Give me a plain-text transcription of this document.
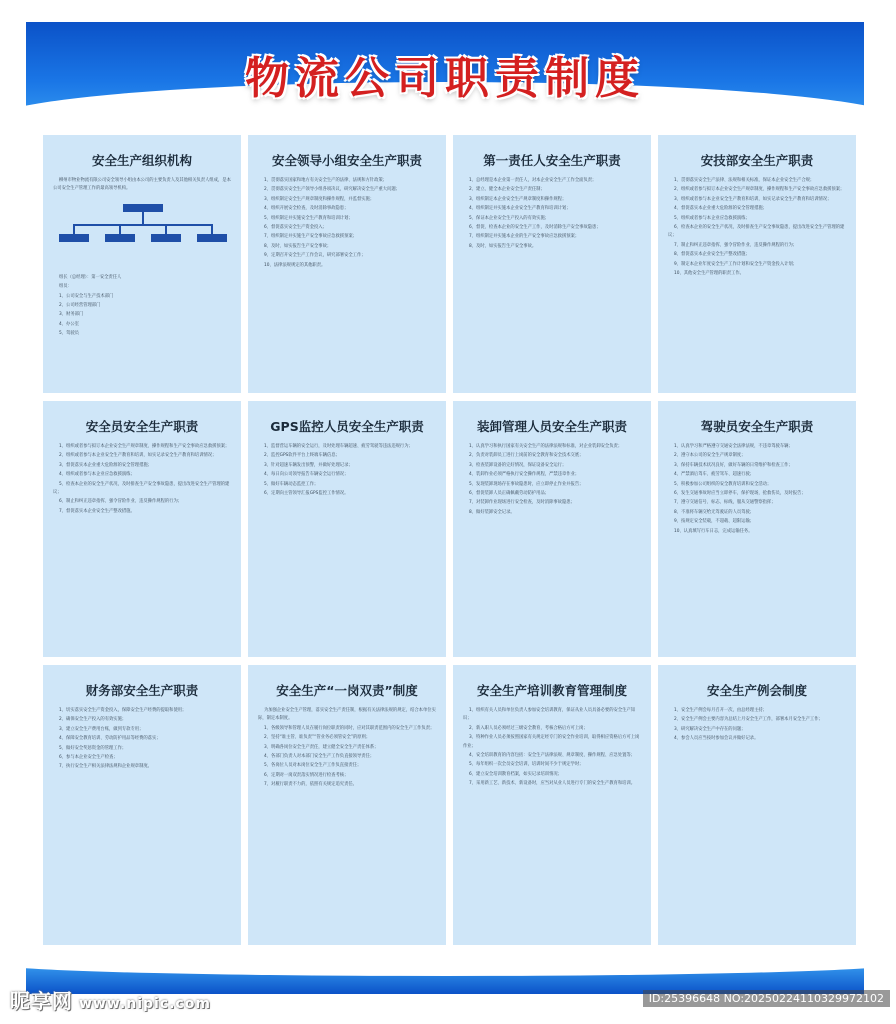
物流公司职责制度
安全生产组织机构

柳州市物业物流有限公司安全领导小组由本公司的主要负责人及其他相关负责人组成，是本公司安全生产管理工作的最高领导机构。

组长（总经理）：第一安全责任人

组员：

1、公司安全与生产技术部门

2、公司经营管理部门

3、财务部门

4、办公室

5、驾驶员

安全领导小组安全生产职责

1、贯彻落实国家和地方有关安全生产的法律、法规和方针政策；

2、贯彻落实安全生产领导小组各项决议，研究解决安全生产重大问题；

3、组织制定安全生产规章制度和操作规程，并监督实施；

4、组织开展安全检查，及时消除事故隐患；

5、组织制定并实施安全生产教育和培训计划；

6、督促落实安全生产资金投入；

7、组织制定并实施生产安全事故应急救援预案；

8、及时、如实报告生产安全事故；

9、定期召开安全生产工作会议，研究部署安全工作；

10、法律法规规定的其他职责。

第一责任人安全生产职责

1、总经理是本企业第一责任人，对本企业安全生产工作全面负责；

2、建立、健全本企业安全生产责任制；

3、组织制定本企业安全生产规章制度和操作规程；

4、组织制定并实施本企业安全生产教育和培训计划；

5、保证本企业安全生产投入的有效实施；

6、督促、检查本企业的安全生产工作，及时消除生产安全事故隐患；

7、组织制定并实施本企业的生产安全事故应急救援预案；

8、及时、如实报告生产安全事故。

安技部安全生产职责

1、贯彻落实安全生产法律、法规和相关标准，保证本企业安全生产合规；

2、组织或者参与拟订本企业安全生产规章制度、操作规程和生产安全事故应急救援预案；

3、组织或者参与本企业安全生产教育和培训，如实记录安全生产教育和培训情况；

4、督促落实本企业重大危险源的安全管理措施；

5、组织或者参与本企业应急救援演练；

6、检查本企业的安全生产状况，及时排查生产安全事故隐患，提出改进安全生产管理的建议；

7、制止和纠正违章指挥、强令冒险作业、违反操作规程的行为；

8、督促落实本企业安全生产整改措施；

9、制定本企业年度安全生产工作计划和安全生产资金投入计划；

10、其他安全生产管理的职责工作。

安全员安全生产职责

1、组织或者参与拟订本企业安全生产规章制度、操作规程和生产安全事故应急救援预案；

2、组织或者参与本企业安全生产教育和培训，如实记录安全生产教育和培训情况；

3、督促落实本企业重大危险源的安全管理措施；

4、组织或者参与本企业应急救援演练；

5、检查本企业的安全生产状况，及时排查生产安全事故隐患，提出改进安全生产管理的建议；

6、制止和纠正违章指挥、强令冒险作业、违反操作规程的行为；

7、督促落实本企业安全生产整改措施。

GPS监控人员安全生产职责

1、监督营运车辆的安全运行，及时处理车辆超速、疲劳驾驶等违法违规行为；

2、监控GPS软件平台上终端车辆信息；

3、针对超速车辆发出预警，并做好处理记录；

4、每日向公司领导报告车辆安全运行情况；

5、做好车辆动态监控工作；

6、定期向主管领导汇报GPS监控工作情况。

装卸管理人员安全生产职责

1、认真学习和执行国家有关安全生产的法律法规和标准，对企业装卸安全负责；

2、负责对装卸员工进行上岗前的安全教育和安全技术交底；

3、检查装卸设备的完好情况，保证设备安全运行；

4、装卸作业必须严格执行安全操作规程，严禁违章作业；

5、发现装卸现场存在事故隐患时，应立即停止作业并报告；

6、督促装卸人员正确佩戴劳动防护用品；

7、对装卸作业现场进行安全检查，及时消除事故隐患；

8、做好装卸安全记录。

驾驶员安全生产职责

1、认真学习和严格遵守交通安全法律法规，不违章驾驶车辆；

2、遵守本公司的安全生产规章制度；

3、保持车辆技术状况良好，做好车辆的日常维护和检查工作；

4、严禁酒后驾车、疲劳驾车、超速行驶；

5、积极参加公司组织的安全教育培训和安全活动；

6、发生交通事故时应当立即停车，保护现场，抢救伤员，及时报告；

7、遵守交通信号、标志、标线，服从交通警察指挥；

8、不准将车辆交给无驾驶证的人员驾驶；

9、按规定安全装载，不超载、超限运输；

10、认真填写行车日志，完成运输任务。

财务部安全生产职责

1、切实落实安全生产资金投入，保障安全生产经费的提取和使用；

2、确保安全生产投入的有效实施；

3、建立安全生产费用台账，做到专款专用；

4、保障安全教育培训、劳动防护用品等经费的落实；

5、做好安全奖惩资金的管理工作；

6、参与本企业安全生产检查；

7、执行安全生产相关法律法规和企业规章制度。

安全生产“一岗双责”制度

为加强企业安全生产管理，落实安全生产责任制，根据有关法律法规的规定，结合本单位实际，制定本制度。

1、各级领导和管理人员在履行岗位职责的同时，应对其职责范围内的安全生产工作负责；

2、坚持“谁主管、谁负责”“管业务必须管安全”的原则；

3、明确各岗位安全生产责任，建立健全安全生产责任体系；

4、各部门负责人对本部门安全生产工作负直接领导责任；

5、各岗位人员对本岗位安全生产工作负直接责任；

6、定期对一岗双责落实情况进行检查考核；

7、对履行职责不力的，依照有关规定追究责任。

安全生产培训教育管理制度

1、组织有关人员和单位负责人参加安全培训教育，保证从业人员具备必要的安全生产知识；

2、新入职人员必须经过三级安全教育，考核合格后方可上岗；

3、特种作业人员必须按照国家有关规定经专门的安全作业培训，取得相应资格后方可上岗作业；

4、安全培训教育的内容包括：安全生产法律法规、规章制度、操作规程、应急处置等；

5、每年组织一次全员安全培训，培训时间不少于规定学时；

6、建立安全培训教育档案，如实记录培训情况；

7、采用新工艺、新技术、新设备时，应当对从业人员进行专门的安全生产教育和培训。

安全生产例会制度

1、安全生产例会每月召开一次，由总经理主持；

2、安全生产例会主要内容为总结上月安全生产工作，部署本月安全生产工作；

3、研究解决安全生产中存在的问题；

4、参会人员应当按时参加会议并做好记录。

昵享网 www.nipic.com	ID:25396648 NO:20250224110329972102
